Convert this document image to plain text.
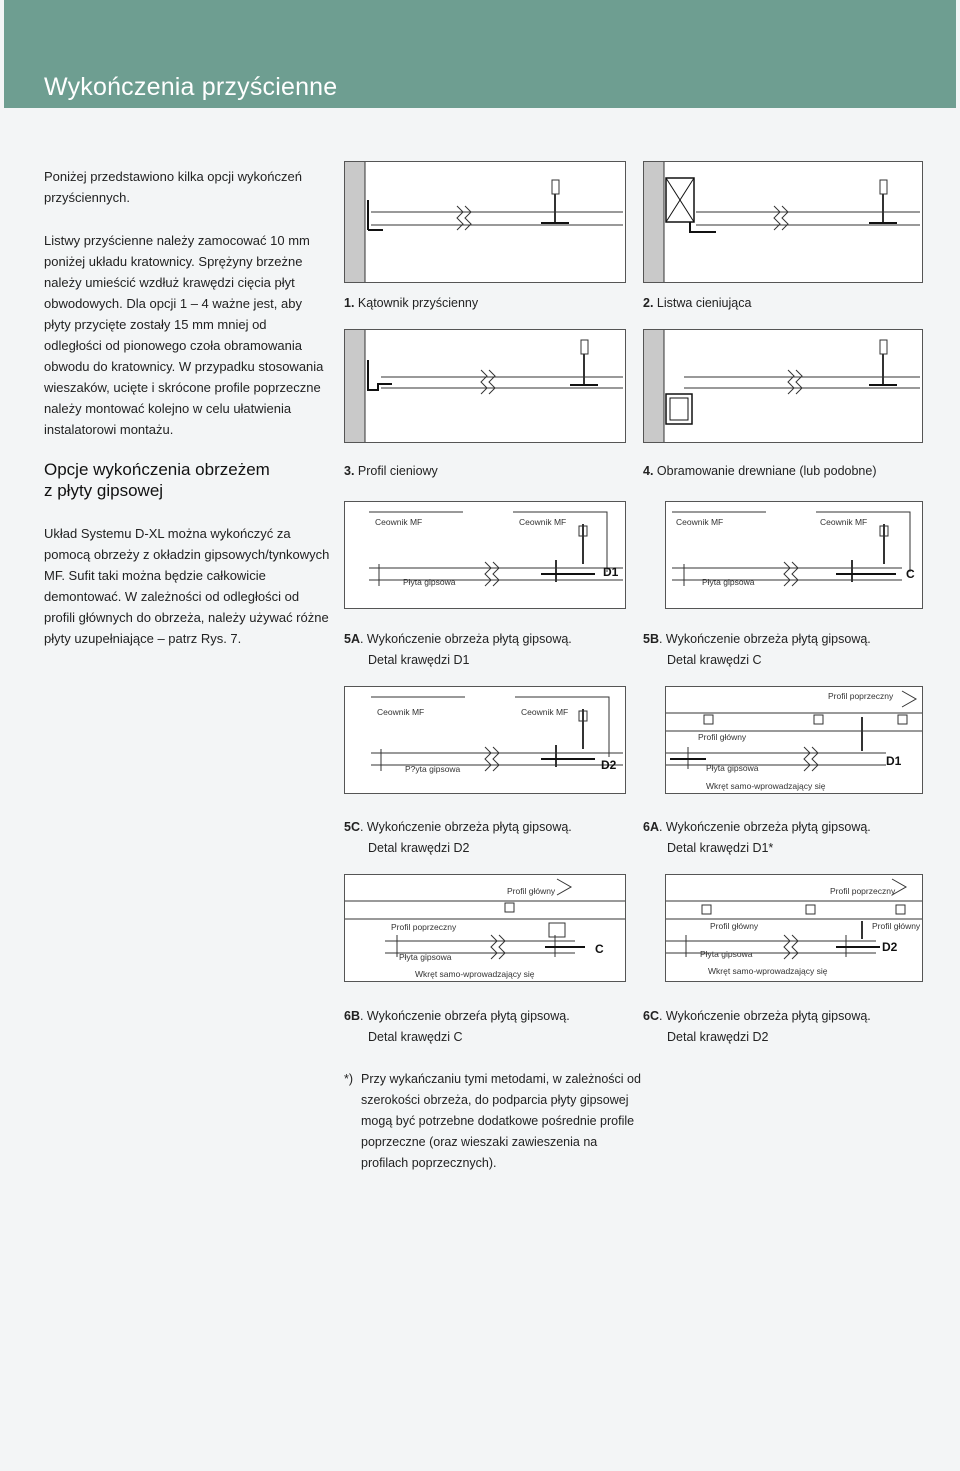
Wykończenia przyścienne

Poniżej przedstawiono kilka opcji wykończeń przyściennych.

Listwy przyścienne należy zamocować 10 mm poniżej układu kratownicy. Sprężyny brzeżne należy umieścić wzdłuż krawędzi cięcia płyt obwodowych. Dla opcji 1 – 4 ważne jest, aby płyty przycięte zostały 15 mm mniej od odległości od pionowego czoła obramowania obwodu do kratownicy. W przypadku stosowania wieszaków, ucięte i skrócone profile poprzeczne należy montować kolejno w celu ułatwienia instalatorowi montażu.

Opcje wykończenia obrzeżem
z płyty gipsowej

Układ Systemu D-XL można wykończyć za pomocą obrzeży z okładzin gipsowych/tynkowych MF. Sufit taki można będzie całkowicie demontować. W zależności od odległości od profili głównych do obrzeża, należy używać różne płyty uzupełniające – patrz Rys. 7.

1. Kątownik przyścienny	2. Listwa cieniująca
3. Profil cieniowy	4. Obramowanie drewniane (lub podobne)
Ceownik MF	Ceownik MF
Płyta gipsowa
D1
5A. Wykończenie obrzeża płytą gipsową.
Detal krawędzi D1
Ceownik MF	Ceownik MF
Płyta gipsowa
C
5B. Wykończenie obrzeża płytą gipsową.
Detal krawędzi C
Ceownik MF	Ceownik MF
P?yta gipsowa	D2
5C. Wykończenie obrzeża płytą gipsową.
Detal krawędzi D2
Profil poprzeczny
Profil główny
Płyta gipsowa	D1
Wkręt samo-wprowadzający się
6A. Wykończenie obrzeża płytą gipsową.
Detal krawędzi D1*
Profil główny
Profil poprzeczny
Płyta gipsowa
C
Wkręt samo-wprowadzający się
6B. Wykończenie obrzeŕa płytą gipsową.
Detal krawędzi C
Profil poprzeczny
Profil główny	Profil główny
Płyta gipsowa	D2
Wkręt samo-wprowadzający się
6C. Wykończenie obrzeża płytą gipsową.
Detal krawędzi D2
*) Przy wykańczaniu tymi metodami, w zależności od szerokości obrzeża, do podparcia płyty gipsowej mogą być potrzebne dodatkowe pośrednie profile poprzeczne (oraz wieszaki zawieszenia na profilach poprzecznych).
